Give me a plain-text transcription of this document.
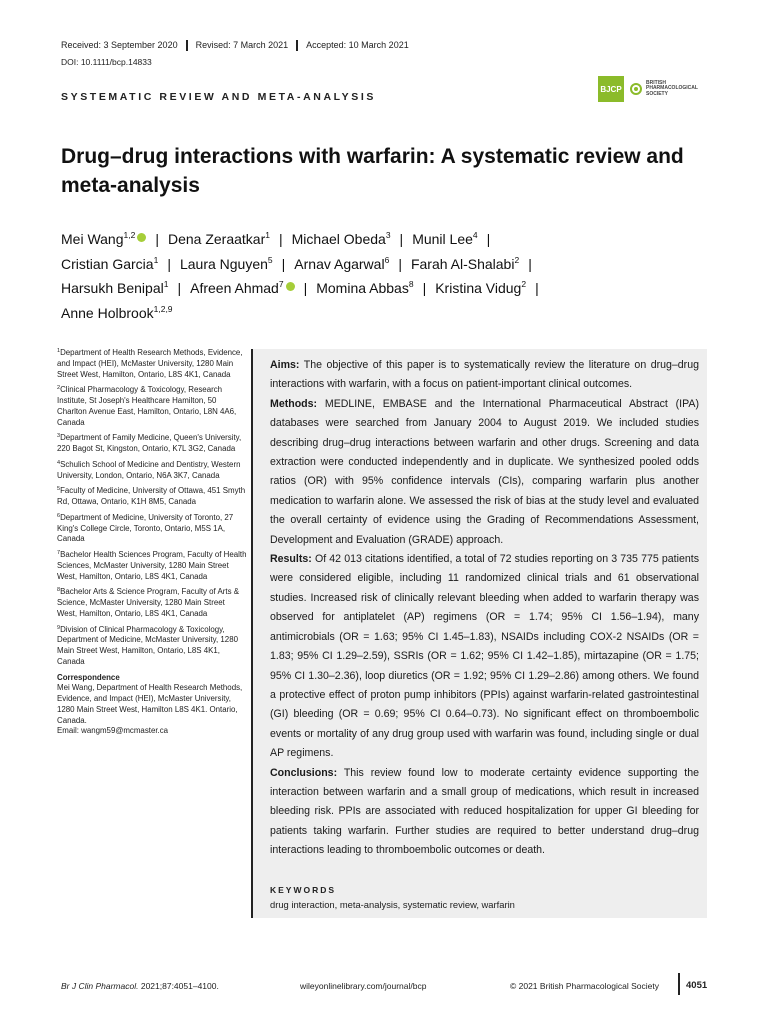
Received: 3 September 2020	Revised: 7 March 2021	Accepted: 10 March 2021
DOI: 10.1111/bcp.14833
SYSTEMATIC REVIEW AND META-ANALYSIS
BJCP
BRITISH
PHARMACOLOGICAL
SOCIETY
Drug–drug interactions with warfarin: A systematic review and meta-analysis
Mei Wang$^{1,2}$ | Dena Zeraatkar$^1$ | Michael Obeda$^3$ | Munil Lee$^4$ |
Cristian Garcia$^1$ | Laura Nguyen$^5$ | Arnav Agarwal$^6$ | Farah Al-Shalabi$^2$ |
Harsukh Benipal$^1$ | Afreen Ahmad$^7$ | Momina Abbas$^8$ | Kristina Vidug$^2$ |
Anne Holbrook$^{1,2,9}$

$^1$Department of Health Research Methods, Evidence, and Impact (HEI), McMaster University, 1280 Main Street West, Hamilton, Ontario, L8S 4K1, Canada

$^2$Clinical Pharmacology & Toxicology, Research Institute, St Joseph's Healthcare Hamilton, 50 Charlton Avenue East, Hamilton, Ontario, L8N 4A6, Canada

$^3$Department of Family Medicine, Queen's University, 220 Bagot St, Kingston, Ontario, K7L 3G2, Canada

$^4$Schulich School of Medicine and Dentistry, Western University, London, Ontario, N6A 3K7, Canada

$^5$Faculty of Medicine, University of Ottawa, 451 Smyth Rd, Ottawa, Ontario, K1H 8M5, Canada

$^6$Department of Medicine, University of Toronto, 27 King's College Circle, Toronto, Ontario, M5S 1A, Canada

$^7$Bachelor Health Sciences Program, Faculty of Health Sciences, McMaster University, 1280 Main Street West, Hamilton, Ontario, L8S 4K1, Canada

$^8$Bachelor Arts & Science Program, Faculty of Arts & Science, McMaster University, 1280 Main Street West, Hamilton, Ontario, L8S 4K1, Canada

$^9$Division of Clinical Pharmacology & Toxicology, Department of Medicine, McMaster University, 1280 Main Street West, Hamilton, Ontario, L8S 4K1, Canada

Correspondence
Mei Wang, Department of Health Research Methods, Evidence, and Impact (HEI), McMaster University, 1280 Main Street West, Hamilton L8S 4K1. Ontario, Canada.
Email: wangm59@mcmaster.ca

Aims: The objective of this paper is to systematically review the literature on drug–drug interactions with warfarin, with a focus on patient-important clinical outcomes.

Methods: MEDLINE, EMBASE and the International Pharmaceutical Abstract (IPA) databases were searched from January 2004 to August 2019. We included studies describing drug–drug interactions between warfarin and other drugs. Screening and data extraction were conducted independently and in duplicate. We synthesized pooled odds ratios (OR) with 95% confidence intervals (CIs), comparing warfarin plus another medication to warfarin alone. We assessed the risk of bias at the study level and evaluated the overall certainty of evidence using the Grading of Recommendations Assessment, Development and Evaluation (GRADE) approach.

Results: Of 42 013 citations identified, a total of 72 studies reporting on 3 735 775 patients were considered eligible, including 11 randomized clinical trials and 61 observational studies. Increased risk of clinically relevant bleeding when added to warfarin therapy was observed for antiplatelet (AP) regimens (OR = 1.74; 95% CI 1.56–1.94), many antimicrobials (OR = 1.63; 95% CI 1.45–1.83), NSAIDs including COX-2 NSAIDs (OR = 1.83; 95% CI 1.29–2.59), SSRIs (OR = 1.62; 95% CI 1.42–1.85), mirtazapine (OR = 1.75; 95% CI 1.30–2.36), loop diuretics (OR = 1.92; 95% CI 1.29–2.86) among others. We found a protective effect of proton pump inhibitors (PPIs) against warfarin-related gastrointestinal (GI) bleeding (OR = 0.69; 95% CI 0.64–0.73). No significant effect on thromboembolic events or mortality of any drug group used with warfarin was found, including single or dual AP regimens.

Conclusions: This review found low to moderate certainty evidence supporting the interaction between warfarin and a small group of medications, which result in increased bleeding risk. PPIs are associated with reduced hospitalization for upper GI bleeding for patients taking warfarin. Further studies are required to better understand drug–drug interactions leading to thromboembolic outcomes or death.

KEYWORDS
drug interaction, meta-analysis, systematic review, warfarin
Br J Clin Pharmacol. 2021;87:4051–4100.	wileyonlinelibrary.com/journal/bcp	© 2021 British Pharmacological Society	4051
